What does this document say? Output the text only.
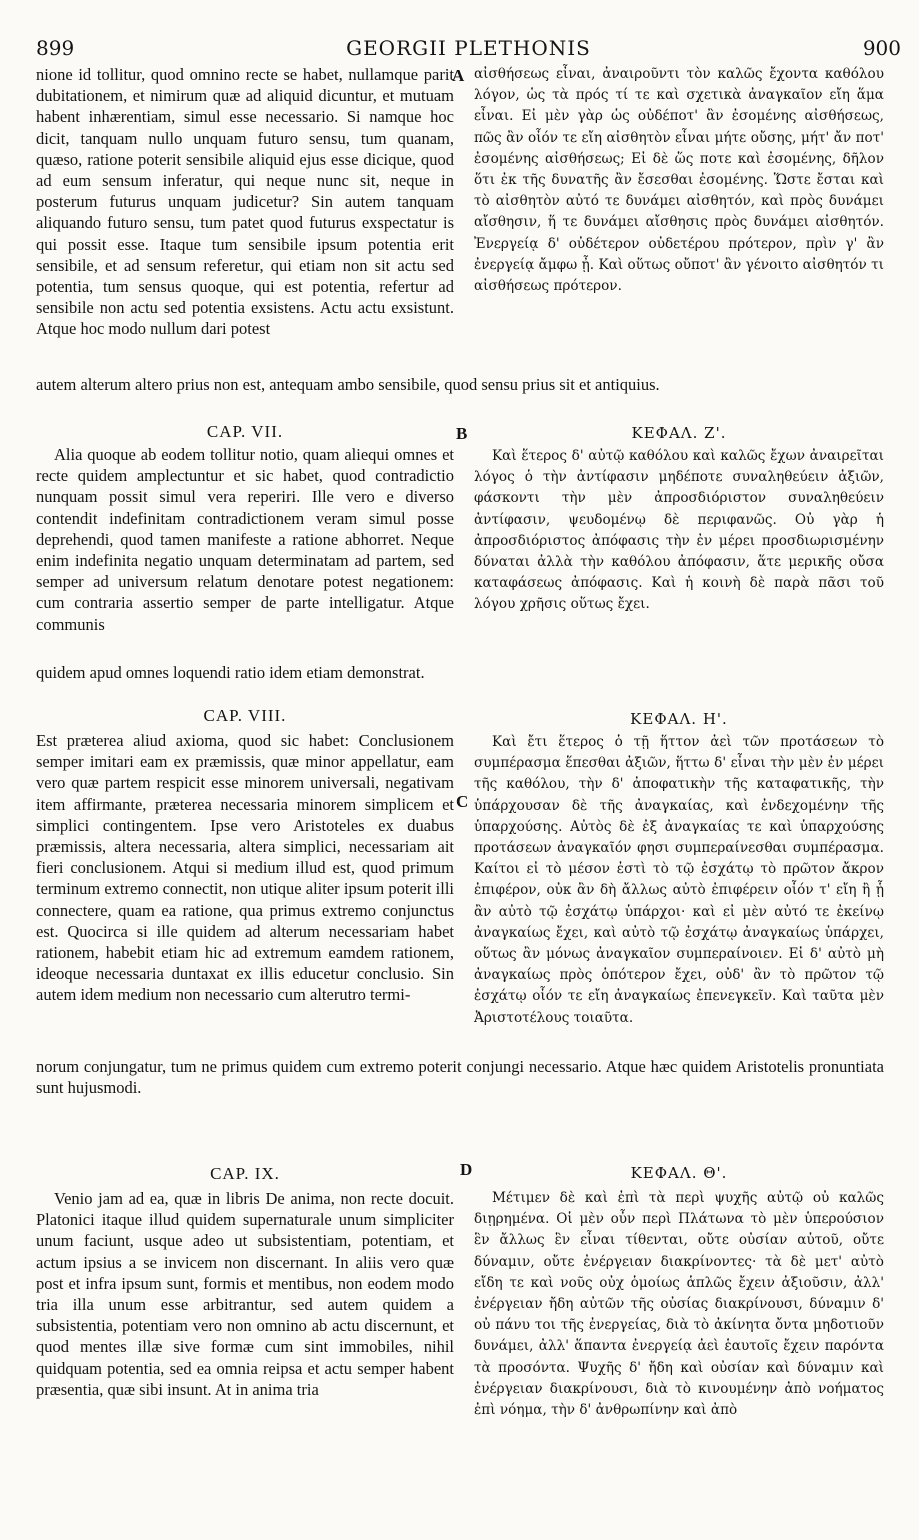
899	GEORGII PLETHONIS	900
nione id tollitur, quod omnino recte se habet, nullamque parit dubitationem, et nimirum quæ ad aliquid dicuntur, et mutuam habent inhærentiam, simul esse necessario. Si namque hoc dicit, tanquam nullo unquam futuro sensu, tum quanam, quæso, ratione poterit sensibile aliquid ejus esse dicique, quod ad eum sensum inferatur, qui neque nunc sit, neque in posterum futurus unquam judicetur? Sin autem tanquam aliquando futuro sensu, tum patet quod futurus exspectatur is qui possit esse. Itaque tum sensibile ipsum potentia erit sensibile, et ad sensum referetur, qui etiam non sit actu sed potentia, tum sensus quoque, qui est potentia, refertur ad sensibile non actu sed potentia exsistens. Actu actu exsistunt. Atque hoc modo nullum dari potest
CAP. VII.
Alia quoque ab eodem tollitur notio, quam aliequi omnes et recte quidem amplectuntur et sic habet, quod contradictio nunquam possit simul vera reperiri. Ille vero e diverso contendit indefinitam contradictionem veram simul posse deprehendi, quod tamen manifeste a ratione abhorret. Neque enim indefinita negatio unquam determinatam ad partem, sed semper ad universum relatum denotare potest negationem: cum contraria assertio semper de parte intelligatur. Atque communis
CAP. VIII.
Est præterea aliud axioma, quod sic habet: Conclusionem semper imitari eam ex præmissis, quæ minor appellatur, eam vero quæ partem respicit esse minorem universali, negativam item affirmante, præterea necessaria minorem simplicem et simplici contingentem. Ipse vero Aristoteles ex duabus præmissis, altera necessaria, altera simplici, necessariam ait fieri conclusionem. Atqui si medium illud est, quod primum terminum extremo connectit, non utique aliter ipsum poterit illi connectere, quam ea ratione, qua primus extremo conjunctus est. Quocirca si ille quidem ad alterum necessariam habet rationem, habebit etiam hic ad extremum eamdem rationem, ideoque necessaria duntaxat ex illis educetur conclusio. Sin autem idem medium non necessario cum alterutro termi-
CAP. IX.
Venio jam ad ea, quæ in libris De anima, non recte docuit. Platonici itaque illud quidem supernaturale unum simpliciter unum faciunt, usque adeo ut subsistentiam, potentiam, et actum ipsius a se invicem non discernant. In aliis vero quæ post et infra ipsum sunt, formis et mentibus, non eodem modo tria illa unum esse arbitrantur, sed autem quidem a subsistentia, potentiam vero non omnino ab actu discernunt, et quod mentes illæ sive formæ cum sint immobiles, nihil quidquam potentia, sed ea omnia reipsa et actu semper habent præsentia, quæ sibi insunt. At in anima tria
αἰσθήσεως εἶναι, ἀναιροῦντι τὸν καλῶς ἔχοντα καθόλου λόγον, ὡς τὰ πρός τί τε καὶ σχετικὰ ἀναγκαῖον εἴη ἅμα εἶναι. Εἰ μὲν γὰρ ὡς οὐδέποτ' ἂν ἐσομένης αἰσθήσεως, πῶς ἂν οἷόν τε εἴη αἰσθητὸν εἶναι μήτε οὔσης, μήτ' ἄν ποτ' ἐσομένης αἰσθήσεως; Εἰ δὲ ὥς ποτε καὶ ἐσομένης, δῆλον ὅτι ἐκ τῆς δυνατῆς ἂν ἔσεσθαι ἐσομένης. Ὥστε ἔσται καὶ τὸ αἰσθητὸν αὐτό τε δυνάμει αἰσθητόν, καὶ πρὸς δυνάμει αἴσθησιν, ἥ τε δυνάμει αἴσθησις πρὸς δυνάμει αἰσθητόν. Ἐνεργείᾳ δ' οὐδέτερον οὐδετέρου πρότερον, πρὶν γ' ἂν ἐνεργείᾳ ἄμφω ᾖ. Καὶ οὕτως οὔποτ' ἂν γένοιτο αἰσθητόν τι αἰσθήσεως πρότερον.
ΚΕΦΑΛ. Ζ'.
Καὶ ἕτερος δ' αὐτῷ καθόλου καὶ καλῶς ἔχων ἀναιρεῖται λόγος ὁ τὴν ἀντίφασιν μηδέποτε συναληθεύειν ἀξιῶν, φάσκοντι τὴν μὲν ἀπροσδιόριστον συναληθεύειν ἀντίφασιν, ψευδομένῳ δὲ περιφανῶς. Οὐ γὰρ ἡ ἀπροσδιόριστος ἀπόφασις τὴν ἐν μέρει προσδιωρισμένην δύναται ἀλλὰ τὴν καθόλου ἀπόφασιν, ἅτε μερικῆς οὔσα καταφάσεως ἀπόφασις. Καὶ ἡ κοινὴ δὲ παρὰ πᾶσι τοῦ λόγου χρῆσις οὕτως ἔχει.
ΚΕΦΑΛ. Η'.
Καὶ ἔτι ἕτερος ὁ τῇ ἥττον ἀεὶ τῶν προτάσεων τὸ συμπέρασμα ἕπεσθαι ἀξιῶν, ἥττω δ' εἶναι τὴν μὲν ἐν μέρει τῆς καθόλου, τὴν δ' ἀποφατικὴν τῆς καταφατικῆς, τὴν ὑπάρχουσαν δὲ τῆς ἀναγκαίας, καὶ ἐνδεχομένην τῆς ὑπαρχούσης. Αὐτὸς δὲ ἐξ ἀναγκαίας τε καὶ ὑπαρχούσης προτάσεων ἀναγκαῖόν φησι συμπεραίνεσθαι συμπέρασμα. Καίτοι εἰ τὸ μέσον ἐστὶ τὸ τῷ ἐσχάτῳ τὸ πρῶτον ἄκρον ἐπιφέρον, οὐκ ἂν δὴ ἄλλως αὐτὸ ἐπιφέρειν οἷόν τ' εἴη ἢ ᾗ ἂν αὐτὸ τῷ ἐσχάτῳ ὑπάρχοι· καὶ εἰ μὲν αὐτό τε ἐκείνῳ ἀναγκαίως ἔχει, καὶ αὐτὸ τῷ ἐσχάτῳ ἀναγκαίως ὑπάρχει, οὕτως ἂν μόνως ἀναγκαῖον συμπεραίνοιεν. Εἰ δ' αὐτὸ μὴ ἀναγκαίως πρὸς ὁπότερον ἔχει, οὐδ' ἂν τὸ πρῶτον τῷ ἐσχάτῳ οἷόν τε εἴη ἀναγκαίως ἐπενεγκεῖν. Καὶ ταῦτα μὲν Ἀριστοτέλους τοιαῦτα.
ΚΕΦΑΛ. Θ'.
Μέτιμεν δὲ καὶ ἐπὶ τὰ περὶ ψυχῆς αὐτῷ οὐ καλῶς διῃρημένα. Οἱ μὲν οὖν περὶ Πλάτωνα τὸ μὲν ὑπερούσιον ἓν ἄλλως ἓν εἶναι τίθενται, οὔτε οὐσίαν αὐτοῦ, οὔτε δύναμιν, οὔτε ἐνέργειαν διακρίνοντες· τὰ δὲ μετ' αὐτὸ εἴδη τε καὶ νοῦς οὐχ ὁμοίως ἁπλῶς ἔχειν ἀξιοῦσιν, ἀλλ' ἐνέργειαν ἤδη αὐτῶν τῆς οὐσίας διακρίνουσι, δύναμιν δ' οὐ πάνυ τοι τῆς ἐνεργείας, διὰ τὸ ἀκίνητα ὄντα μηδοτιοῦν δυνάμει, ἀλλ' ἅπαντα ἐνεργείᾳ ἀεὶ ἑαυτοῖς ἔχειν παρόντα τὰ προσόντα. Ψυχῆς δ' ἤδη καὶ οὐσίαν καὶ δύναμιν καὶ ἐνέργειαν διακρίνουσι, διὰ τὸ κινουμένην ἀπὸ νοήματος ἐπὶ νόημα, τὴν δ' ἀνθρωπίνην καὶ ἀπὸ
autem alterum altero prius non est, antequam ambo sensibile, quod sensu prius sit et antiquius.
quidem apud omnes loquendi ratio idem etiam demonstrat.
norum conjungatur, tum ne primus quidem cum extremo poterit conjungi necessario. Atque hæc quidem Aristotelis pronuntiata sunt hujusmodi.
A
B
C
D
